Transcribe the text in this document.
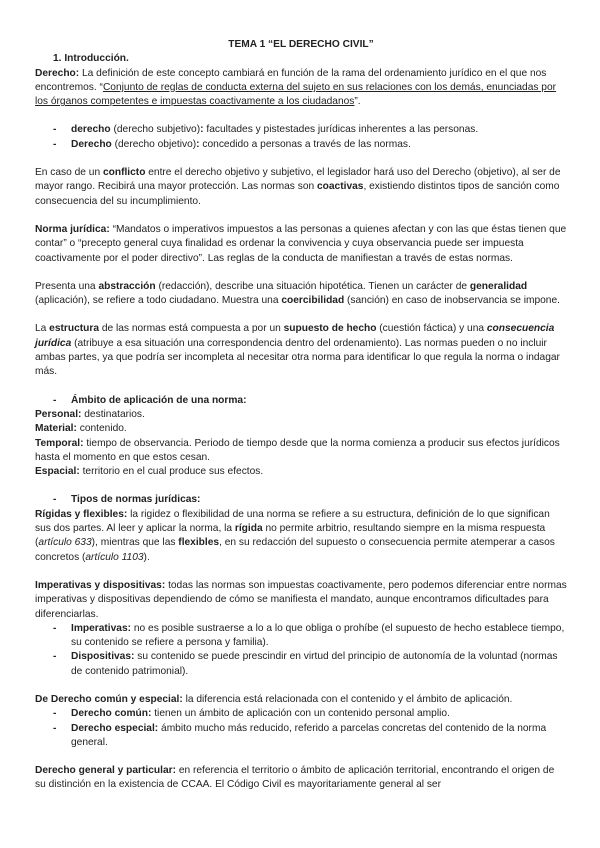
TEMA 1 “EL DERECHO CIVIL”

1. Introducción.

Derecho: La definición de este concepto cambiará en función de la rama del ordenamiento jurídico en el que nos encontremos. “Conjunto de reglas de conducta externa del sujeto en sus relaciones con los demás, enunciadas por los órganos competentes e impuestas coactivamente a los ciudadanos”.

- derecho (derecho subjetivo): facultades y pistestades jurídicas inherentes a las personas.
- Derecho (derecho objetivo): concedido a personas a través de las normas.

En caso de un conflicto entre el derecho objetivo y subjetivo, el legislador hará uso del Derecho (objetivo), al ser de mayor rango. Recibirá una mayor protección. Las normas son coactivas, existiendo distintos tipos de sanción como consecuencia del su incumplimiento.

Norma jurídica: “Mandatos o imperativos impuestos a las personas a quienes afectan y con las que éstas tienen que contar” o “precepto general cuya finalidad es ordenar la convivencia y cuya observancia puede ser impuesta coactivamente por el poder directivo”. Las reglas de la conducta de manifiestan a través de estas normas.

Presenta una abstracción (redacción), describe una situación hipotética. Tienen un carácter de generalidad (aplicación), se refiere a todo ciudadano. Muestra una coercibilidad (sanción) en caso de inobservancia se impone.

La estructura de las normas está compuesta a por un supuesto de hecho (cuestión fáctica) y una consecuencia jurídica (atribuye a esa situación una correspondencia dentro del ordenamiento). Las normas pueden o no incluir ambas partes, ya que podría ser incompleta al necesitar otra norma para identificar lo que regula la norma o indagar más.

- Ámbito de aplicación de una norma:

Personal: destinatarios.

Material: contenido.

Temporal: tiempo de observancia. Periodo de tiempo desde que la norma comienza a producir sus efectos jurídicos hasta el momento en que estos cesan.

Espacial: territorio en el cual produce sus efectos.

- Tipos de normas jurídicas:

Rígidas y flexibles: la rigidez o flexibilidad de una norma se refiere a su estructura, definición de lo que significan sus dos partes. Al leer y aplicar la norma, la rígida no permite arbitrio, resultando siempre en la misma respuesta (artículo 633), mientras que las flexibles, en su redacción del supuesto o consecuencia permite atemperar a casos concretos (artículo 1103).

Imperativas y dispositivas: todas las normas son impuestas coactivamente, pero podemos diferenciar entre normas imperativas y dispositivas dependiendo de cómo se manifiesta el mandato, aunque encontramos dificultades para diferenciarlas.

- Imperativas: no es posible sustraerse a lo a lo que obliga o prohíbe (el supuesto de hecho establece tiempo, su contenido se refiere a persona y familia).
- Dispositivas: su contenido se puede prescindir en virtud del principio de autonomía de la voluntad (normas de contenido patrimonial).

De Derecho común y especial: la diferencia está relacionada con el contenido y el ámbito de aplicación.

- Derecho común: tienen un ámbito de aplicación con un contenido personal amplio.
- Derecho especial: ámbito mucho más reducido, referido a parcelas concretas del contenido de la norma general.

Derecho general y particular: en referencia el territorio o ámbito de aplicación territorial, encontrando el origen de su distinción en la existencia de CCAA. El Código Civil es mayoritariamente general al ser
